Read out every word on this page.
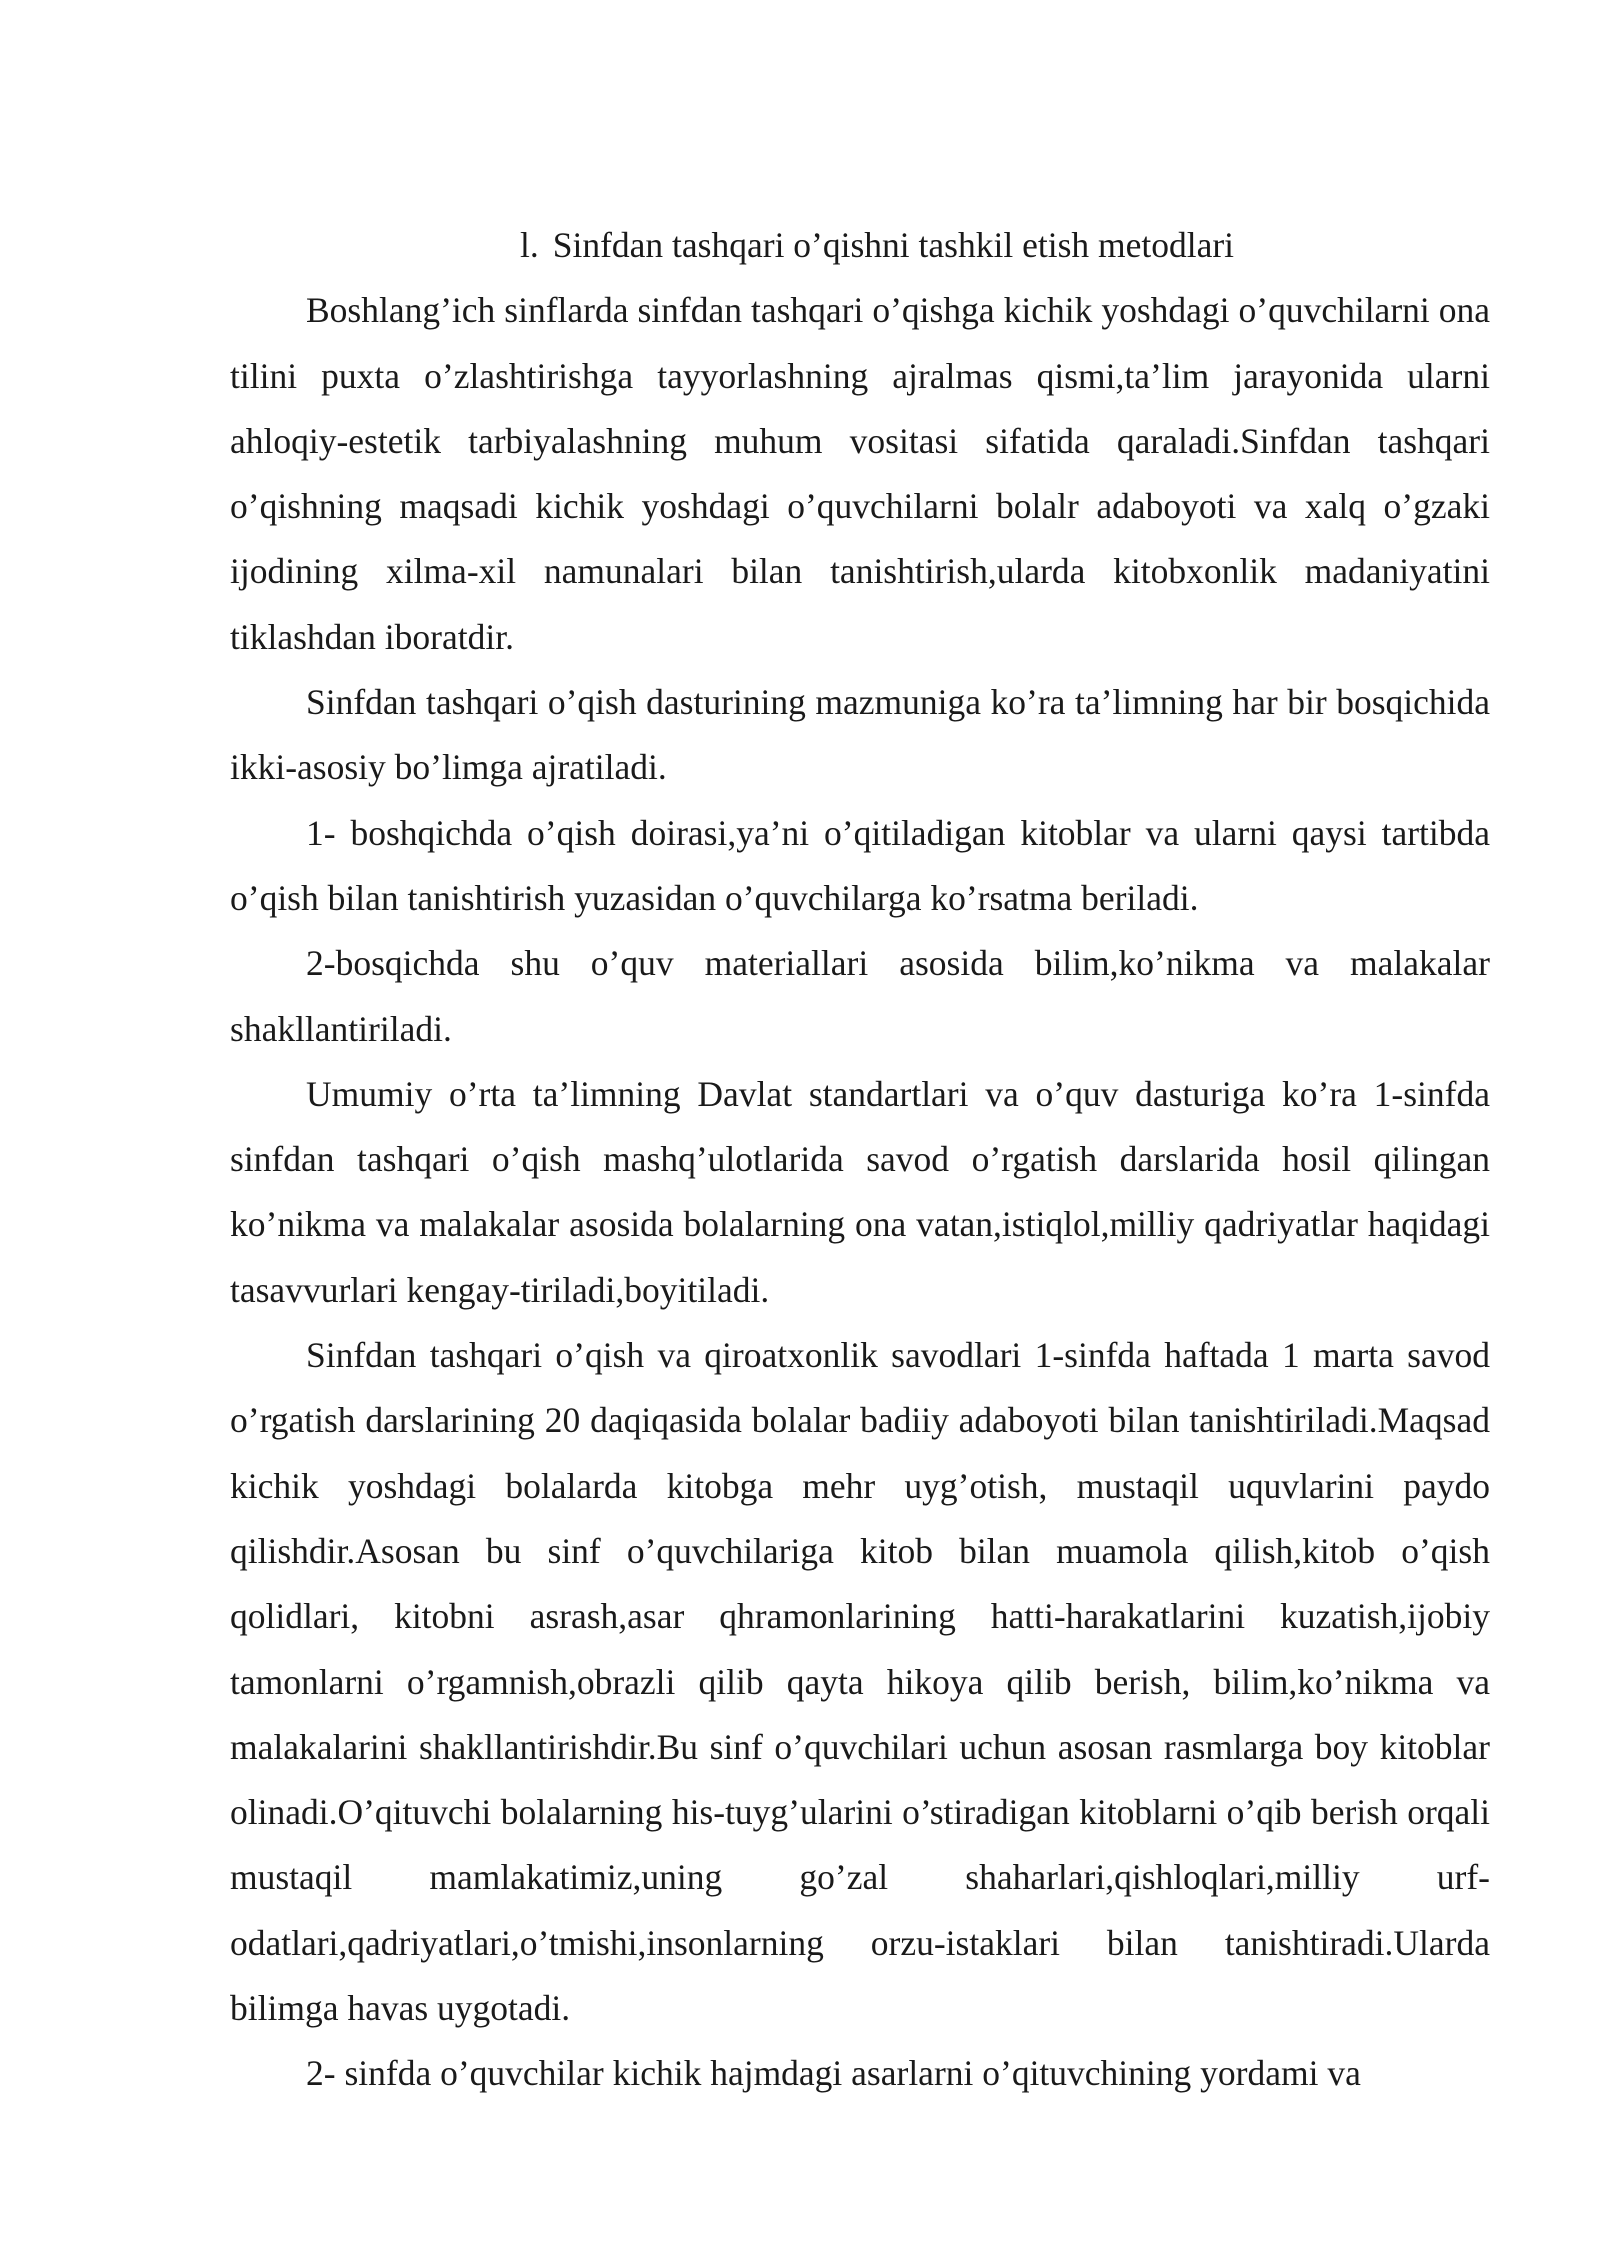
l. Sinfdan tashqari o’qishni tashkil etish metodlari

Boshlang’ich sinflarda sinfdan tashqari o’qishga kichik yoshdagi o’quvchilarni ona tilini puxta o’zlashtirishga tayyorlashning ajralmas qismi,ta’lim jarayonida ularni ahloqiy-estetik tarbiyalashning muhum vositasi sifatida qaraladi.Sinfdan tashqari o’qishning maqsadi kichik yoshdagi o’quvchilarni bolalr adaboyoti va xalq o’gzaki ijodining xilma-xil namunalari bilan tanishtirish,ularda kitobxonlik madaniyatini tiklashdan iboratdir.

Sinfdan tashqari o’qish dasturining mazmuniga ko’ra ta’limning har bir bosqichida ikki-asosiy bo’limga ajratiladi.

1- boshqichda o’qish doirasi,ya’ni o’qitiladigan kitoblar va ularni qaysi tartibda o’qish bilan tanishtirish yuzasidan o’quvchilarga ko’rsatma beriladi.

2-bosqichda shu o’quv materiallari asosida bilim,ko’nikma va malakalar shakllantiriladi.

Umumiy o’rta ta’limning Davlat standartlari va o’quv dasturiga ko’ra 1-sinfda sinfdan tashqari o’qish mashq’ulotlarida savod o’rgatish darslarida hosil qilingan ko’nikma va malakalar asosida bolalarning ona vatan,istiqlol,milliy qadriyatlar haqidagi tasavvurlari kengay-tiriladi,boyitiladi.

Sinfdan tashqari o’qish va qiroatxonlik savodlari 1-sinfda haftada 1 marta savod o’rgatish darslarining 20 daqiqasida bolalar badiiy adaboyoti bilan tanishtiriladi.Maqsad kichik yoshdagi bolalarda kitobga mehr uyg’otish, mustaqil uquvlarini paydo qilishdir.Asosan bu sinf o’quvchilariga kitob bilan muamola qilish,kitob o’qish qolidlari, kitobni asrash,asar qhramonlarining hatti-harakatlarini kuzatish,ijobiy tamonlarni o’rgamnish,obrazli qilib qayta hikoya qilib berish, bilim,ko’nikma va malakalarini shakllantirishdir.Bu sinf o’quvchilari uchun asosan rasmlarga boy kitoblar olinadi.O’qituvchi bolalarning his-tuyg’ularini o’stiradigan kitoblarni o’qib berish orqali mustaqil mamlakatimiz,uning go’zal shaharlari,qishloqlari,milliy urf-odatlari,qadriyatlari,o’tmishi,insonlarning orzu-istaklari bilan tanishtiradi.Ularda bilimga havas uygotadi.

2- sinfda o’quvchilar kichik hajmdagi asarlarni o’qituvchining yordami va
